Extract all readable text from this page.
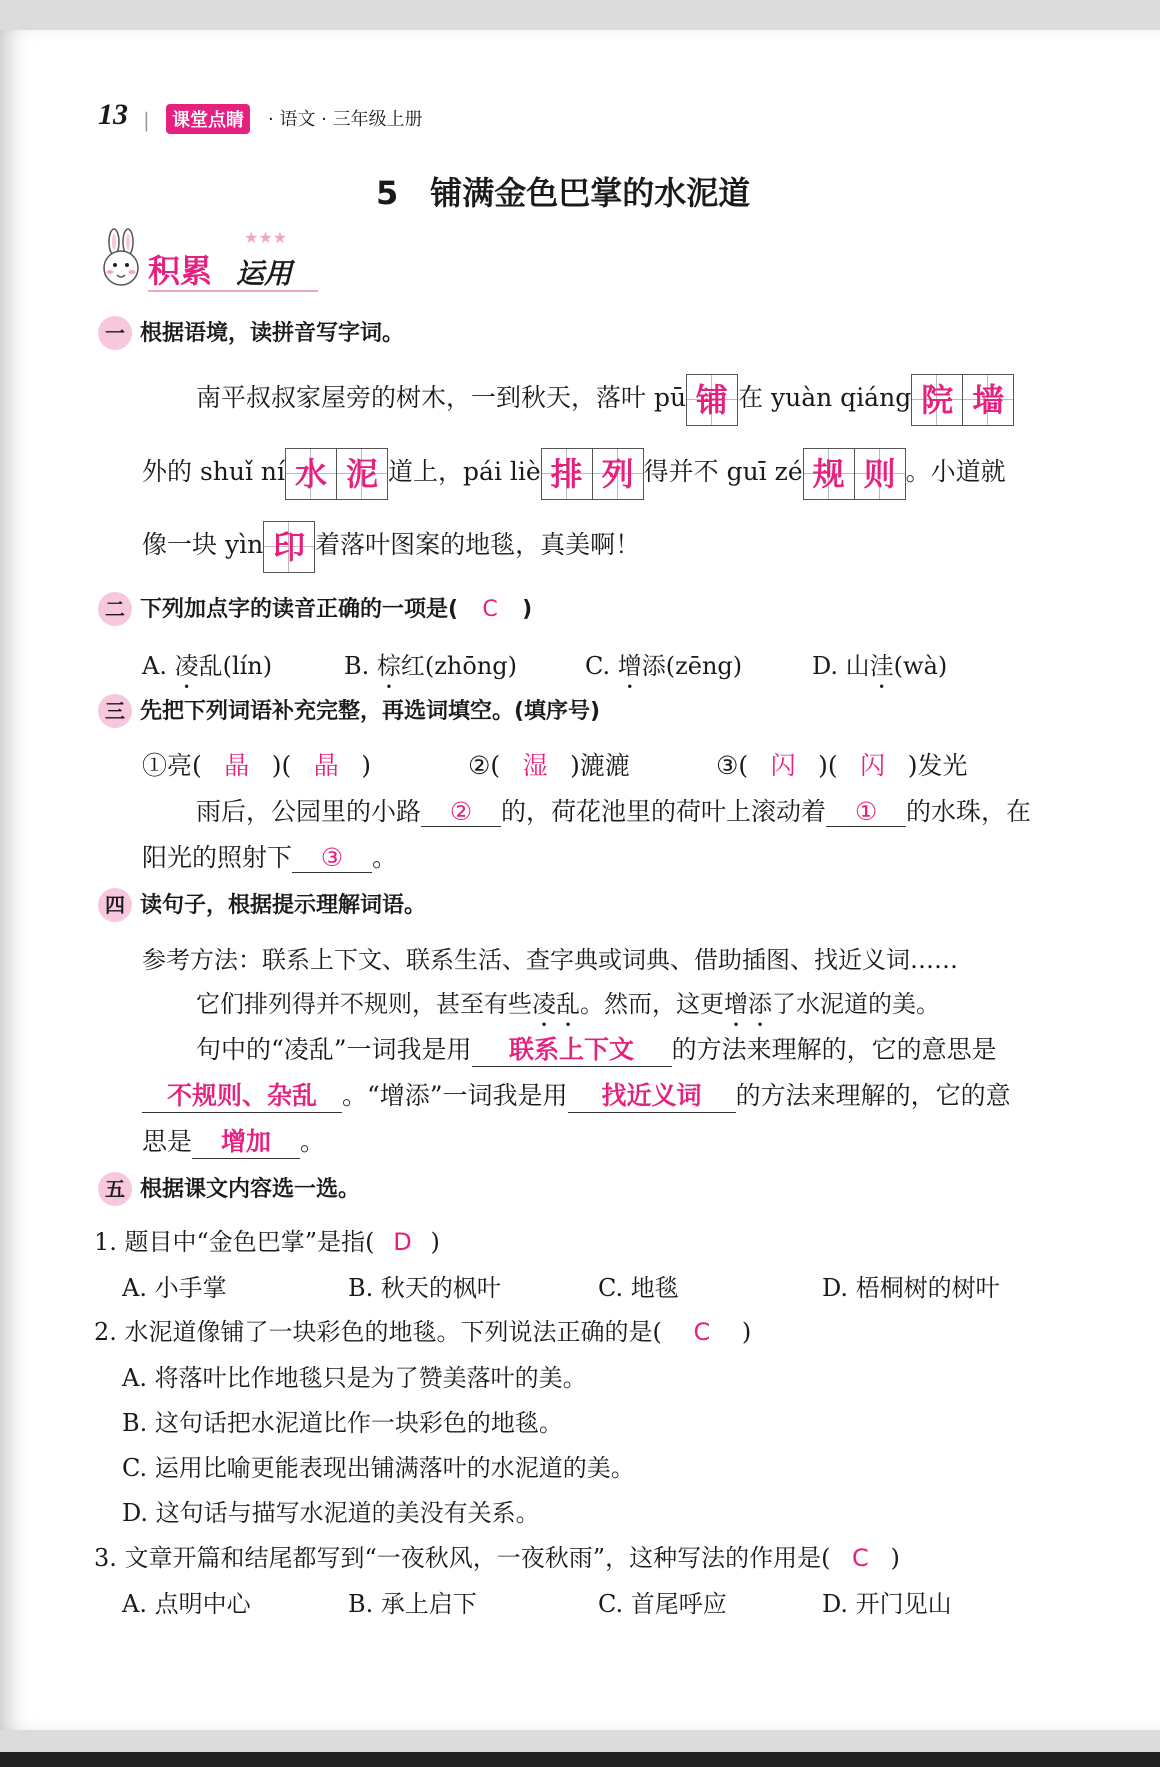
13 |	课堂点睛	· 语文 · 三年级上册
5　铺满金色巴掌的水泥道
积累
★★★
运用
一 根据语境，读拼音写字词。
南平叔叔家屋旁的树木，一到秋天，落叶 pū 铺 在 yuàn qiáng 院 墙
外的 shuǐ ní 水 泥 道上，pái liè 排 列 得并不 guī zé 规 则 。小道就
像一块 yìn 印 着落叶图案的地毯，真美啊！
二 下列加点字的读音正确的一项是( C )
A. 凌乱(lín)	B. 棕红(zhōng)	C. 增添(zēng)	D. 山洼(wà)
三 先把下列词语补充完整，再选词填空。(填序号)
①亮( 晶 )( 晶 )	②( 湿 )漉漉	③( 闪 )( 闪 )发光
雨后，公园里的小路 ② 的，荷花池里的荷叶上滚动着 ① 的水珠，在
阳光的照射下 ③ 。
四 读句子，根据提示理解词语。
参考方法：联系上下文、联系生活、查字典或词典、借助插图、找近义词……
它们排列得并不规则，甚至有些凌乱。然而，这更增添了水泥道的美。
句中的“凌乱”一词我是用 联系上下文 的方法来理解的，它的意思是
不规则、杂乱 。“增添”一词我是用 找近义词 的方法来理解的，它的意
思是 增加 。
五 根据课文内容选一选。
1. 题目中“金色巴掌”是指( D )
A. 小手掌	B. 秋天的枫叶	C. 地毯	D. 梧桐树的树叶
2. 水泥道像铺了一块彩色的地毯。下列说法正确的是( C )
A. 将落叶比作地毯只是为了赞美落叶的美。
B. 这句话把水泥道比作一块彩色的地毯。
C. 运用比喻更能表现出铺满落叶的水泥道的美。
D. 这句话与描写水泥道的美没有关系。
3. 文章开篇和结尾都写到“一夜秋风，一夜秋雨”，这种写法的作用是( C )
A. 点明中心	B. 承上启下	C. 首尾呼应	D. 开门见山
